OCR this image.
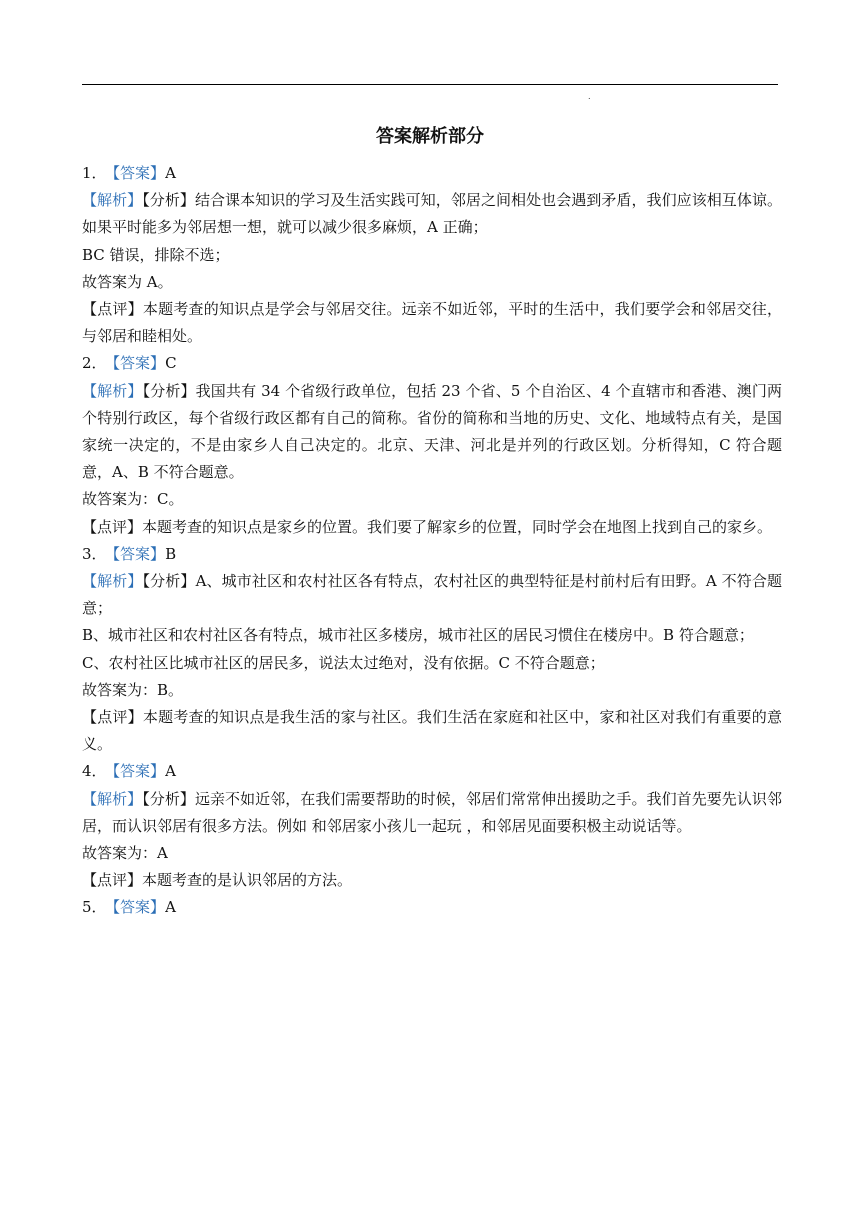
.
答案解析部分
1． 【答案】A
【解析】【分析】结合课本知识的学习及生活实践可知，邻居之间相处也会遇到矛盾，我们应该相互体谅。如果平时能多为邻居想一想，就可以减少很多麻烦，A 正确；
BC 错误，排除不选；
故答案为 A。
【点评】本题考查的知识点是学会与邻居交往。远亲不如近邻，平时的生活中，我们要学会和邻居交往，与邻居和睦相处。
2． 【答案】C
【解析】【分析】我国共有 34 个省级行政单位，包括 23 个省、5 个自治区、4 个直辖市和香港、澳门两个特别行政区，每个省级行政区都有自己的简称。省份的简称和当地的历史、文化、地域特点有关，是国家统一决定的，不是由家乡人自己决定的。北京、天津、河北是并列的行政区划。分析得知，C 符合题意，A、B 不符合题意。
故答案为：C。
【点评】本题考查的知识点是家乡的位置。我们要了解家乡的位置，同时学会在地图上找到自己的家乡。
3． 【答案】B
【解析】【分析】A、城市社区和农村社区各有特点，农村社区的典型特征是村前村后有田野。A 不符合题意；
B、城市社区和农村社区各有特点，城市社区多楼房，城市社区的居民习惯住在楼房中。B 符合题意；
C、农村社区比城市社区的居民多，说法太过绝对，没有依据。C 不符合题意；
故答案为：B。
【点评】本题考查的知识点是我生活的家与社区。我们生活在家庭和社区中，家和社区对我们有重要的意义。
4． 【答案】A
【解析】【分析】远亲不如近邻，在我们需要帮助的时候，邻居们常常伸出援助之手。我们首先要先认识邻居，而认识邻居有很多方法。例如 和邻居家小孩儿一起玩 ，和邻居见面要积极主动说话等。
故答案为：A
【点评】本题考查的是认识邻居的方法。
5． 【答案】A
